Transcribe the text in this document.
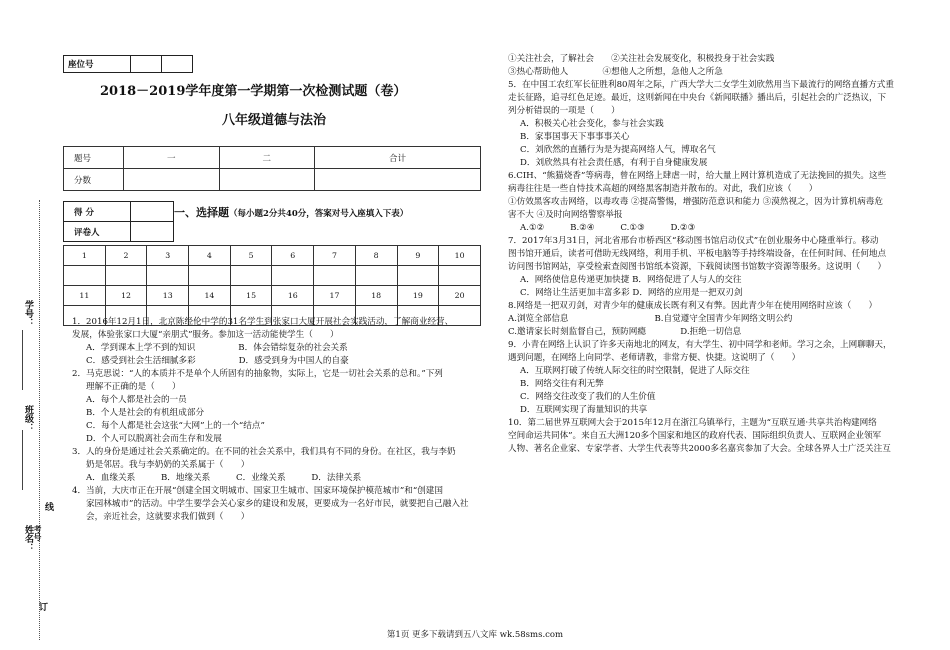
座位号		
2018－2019学年度第一学期第一次检测试题（卷）
八年级道德与法治
题号	一	二	合计
分数			
得 分	
评卷人	
一、选择题（每小题2分共40分，答案对号入座填入下表）
1	2	3	4	5	6	7	8	9	10

11	12	13	14	15	16	17	18	19	20

学号：
班级：
姓名： 考号
线
订
1．2016年12月1日，北京陈经伦中学的31名学生到张家口大厦开展社会实践活动，了解商业经营、
发展，体验张家口大厦“亲朋式”服务。参加这一活动能使学生（　　）
A．学到课本上学不到的知识　　　　　B．体会错综复杂的社会关系
C．感受到社会生活细腻多彩　　　　　D．感受到身为中国人的自豪
2．马克思说：“人的本质并不是单个人所固有的抽象物，实际上，它是一切社会关系的总和。”下列
理解不正确的是（　　）
A．每个人都是社会的一员
B．个人是社会的有机组成部分
C．每个人都是社会这张“大网”上的一个“结点”
D．个人可以脱离社会而生存和发展
3．人的身份是通过社会关系确定的。在不同的社会关系中，我们具有不同的身份。在社区，我与李奶
奶是邻居。我与李奶奶的关系属于（　　）
A．血缘关系　　　B．地缘关系　　　C．业缘关系　　　D．法律关系
4．当前，大庆市正在开展“创建全国文明城市、国家卫生城市、国家环境保护模范城市”和“创建国
家园林城市”的活动。中学生要学会关心家乡的建设和发展，更要成为一名好市民，就要把自己融入社
会，亲近社会，这就要求我们做到（　　）
①关注社会，了解社会　　②关注社会发展变化，积极投身于社会实践
③热心帮助他人　　　　④想他人之所想，急他人之所急
5．在中国工农红军长征胜利80周年之际，广西大学大二女学生刘欣然用当下最流行的网络直播方式重
走长征路，追寻红色足迹。最近，这则新闻在中央台《新闻联播》播出后，引起社会的广泛热议，下
列分析错误的一项是（　　）
A．积极关心社会变化，参与社会实践
B．家事国事天下事事事关心
C．刘欣然的直播行为是为提高网络人气，博取名气
D．刘欣然具有社会责任感，有利于自身健康发展
6.CIH、“熊猫烧香”等病毒，曾在网络上肆虐一时，给大量上网计算机造成了无法挽回的损失。这些
病毒往往是一些自恃技术高超的网络黑客制造并散布的。对此，我们应该（　　）
①仿效黑客攻击网络，以毒攻毒 ②提高警惕，增强防范意识和能力 ③漠然视之，因为计算机病毒危
害不大 ④及时向网络警察举报
A.①②　　　B.②④　　　C.①③　　　D.②③
7．2017年3月31日，河北省邢台市桥西区“移动图书馆启动仪式”在创业服务中心隆重举行。移动
图书馆开通后，读者可借助无线网络，利用手机、平板电脑等手持终端设备，在任何时间、任何地点
访问图书馆网站，享受检索查阅图书馆纸本资源，下载阅读图书馆数字资源等服务。这说明（　　）
A．网络使信息传递更加快捷 B．网络促进了人与人的交往
C．网络让生活更加丰富多彩 D．网络的应用是一把双刃剑
8.网络是一把双刃剑，对青少年的健康成长既有利又有弊。因此青少年在使用网络时应该（　　）
A.浏览全部信息　　　　　　　　　　B.自觉遵守全国青少年网络文明公约
C.邀请家长时刻监督自己，预防网瘾　　　　D.拒绝一切信息
9．小青在网络上认识了许多天南地北的网友，有大学生、初中同学和老师。学习之余，上网聊聊天，
遇到问题，在网络上向同学、老师请教，非常方便、快捷。这说明了（　　）
A．互联网打破了传统人际交往的时空限制，促进了人际交往
B．网络交往有利无弊
C．网络交往改变了我们的人生价值
D．互联网实现了海量知识的共享
10．第二届世界互联网大会于2015年12月在浙江乌镇举行，主题为“互联互通·共享共治构建网络
空间命运共同体”。来自五大洲120多个国家和地区的政府代表、国际组织负责人、互联网企业领军
人物、著名企业家、专家学者、大学生代表等共2000多名嘉宾参加了大会。全球各界人士广泛关注互
第1页 更多下载请到五八文库 wk.58sms.com
